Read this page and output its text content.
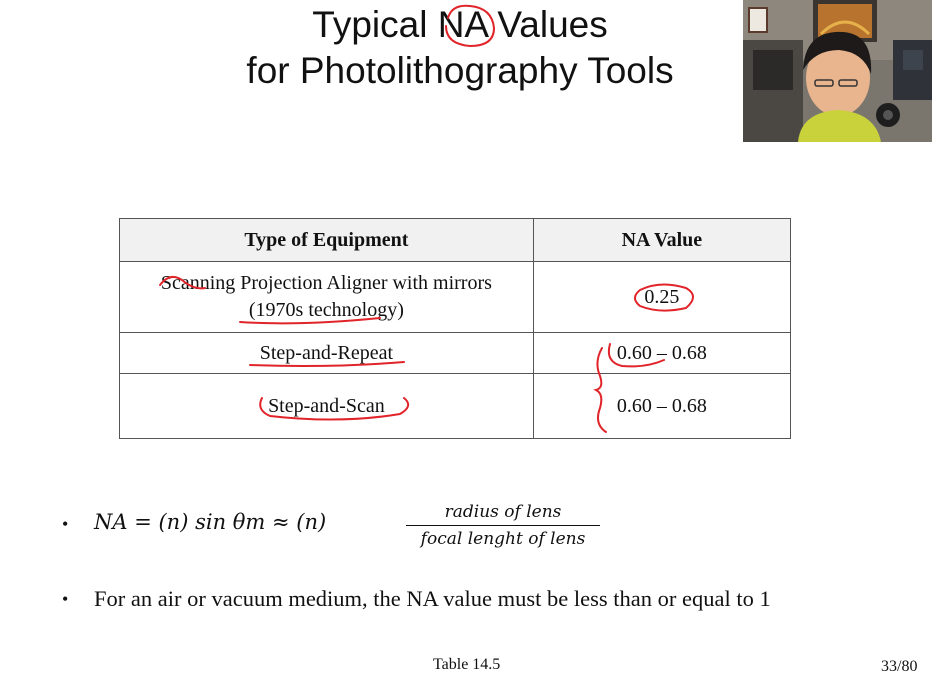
Typical NA Values
for Photolithography Tools
Type of Equipment	NA Value
Scanning Projection Aligner with mirrors
(1970s technology)	0.25
Step-and-Repeat	0.60 – 0.68
Step-and-Scan	0.60 – 0.68
• NA = (n) sin θm ≈ (n)	radius of lens
focal lenght of lens
• For an air or vacuum medium, the NA value must be less than or equal to 1
Table 14.5	33/80
